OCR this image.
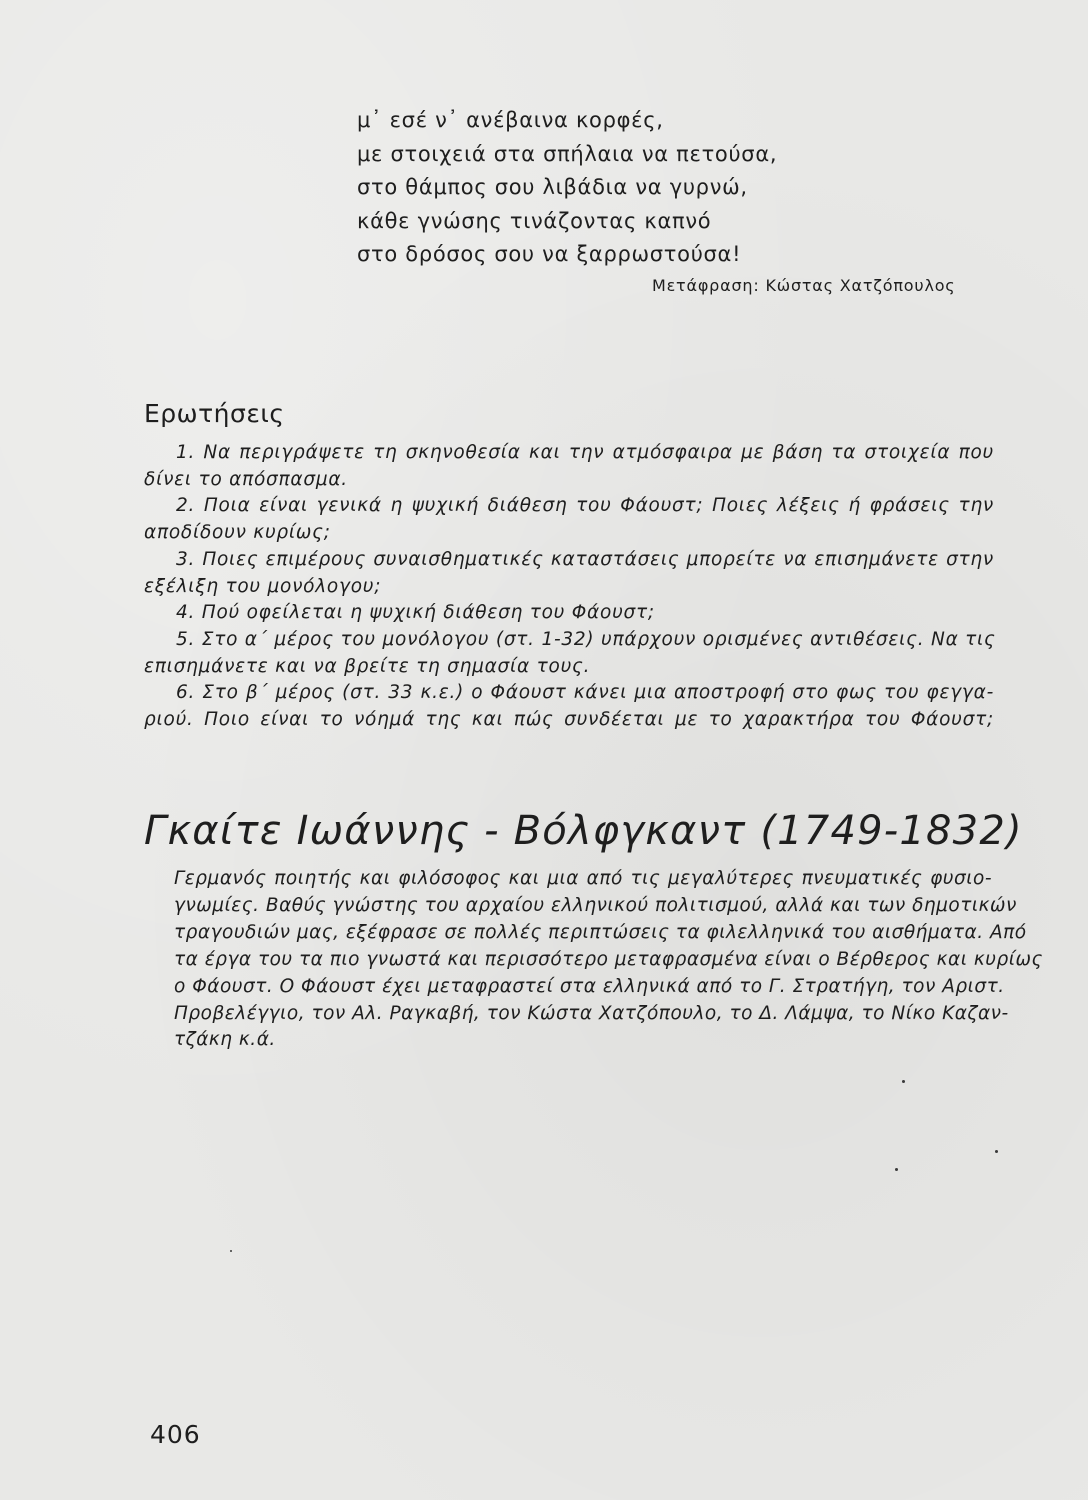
μ᾽ εσέ ν᾽ ανέβαινα κορφές,
με στοιχειά στα σπήλαια να πετούσα,
στο θάμπος σου λιβάδια να γυρνώ,
κάθε γνώσης τινάζοντας καπνό
στο δρόσος σου να ξαρρωστούσα!
Μετάφραση: Κώστας Χατζόπουλος
Ερωτήσεις
1. Να περιγράψετε τη σκηνοθεσία και την ατμόσφαιρα με βάση τα στοιχεία που
δίνει το απόσπασμα.
2. Ποια είναι γενικά η ψυχική διάθεση του Φάουστ; Ποιες λέξεις ή φράσεις την
αποδίδουν κυρίως;
3. Ποιες επιμέρους συναισθηματικές καταστάσεις μπορείτε να επισημάνετε στην
εξέλιξη του μονόλογου;
4. Πού οφείλεται η ψυχική διάθεση του Φάουστ;
5. Στο α΄ μέρος του μονόλογου (στ. 1-32) υπάρχουν ορισμένες αντιθέσεις. Να τις
επισημάνετε και να βρείτε τη σημασία τους.
6. Στο β΄ μέρος (στ. 33 κ.ε.) ο Φάουστ κάνει μια αποστροφή στο φως του φεγγα-
ριού. Ποιο είναι το νόημά της και πώς συνδέεται με το χαρακτήρα του Φάουστ;
Γκαίτε Ιωάννης - Βόλφγκαντ (1749-1832)
Γερμανός ποιητής και φιλόσοφος και μια από τις μεγαλύτερες πνευματικές φυσιο-
γνωμίες. Βαθύς γνώστης του αρχαίου ελληνικού πολιτισμού, αλλά και των δημοτικών
τραγουδιών μας, εξέφρασε σε πολλές περιπτώσεις τα φιλελληνικά του αισθήματα. Από
τα έργα του τα πιο γνωστά και περισσότερο μεταφρασμένα είναι ο Βέρθερος και κυρίως
ο Φάουστ. Ο Φάουστ έχει μεταφραστεί στα ελληνικά από το Γ. Στρατήγη, τον Αριστ.
Προβελέγγιο, τον Αλ. Ραγκαβή, τον Κώστα Χατζόπουλο, το Δ. Λάμψα, το Νίκο Καζαν-
τζάκη κ.ά.
406
